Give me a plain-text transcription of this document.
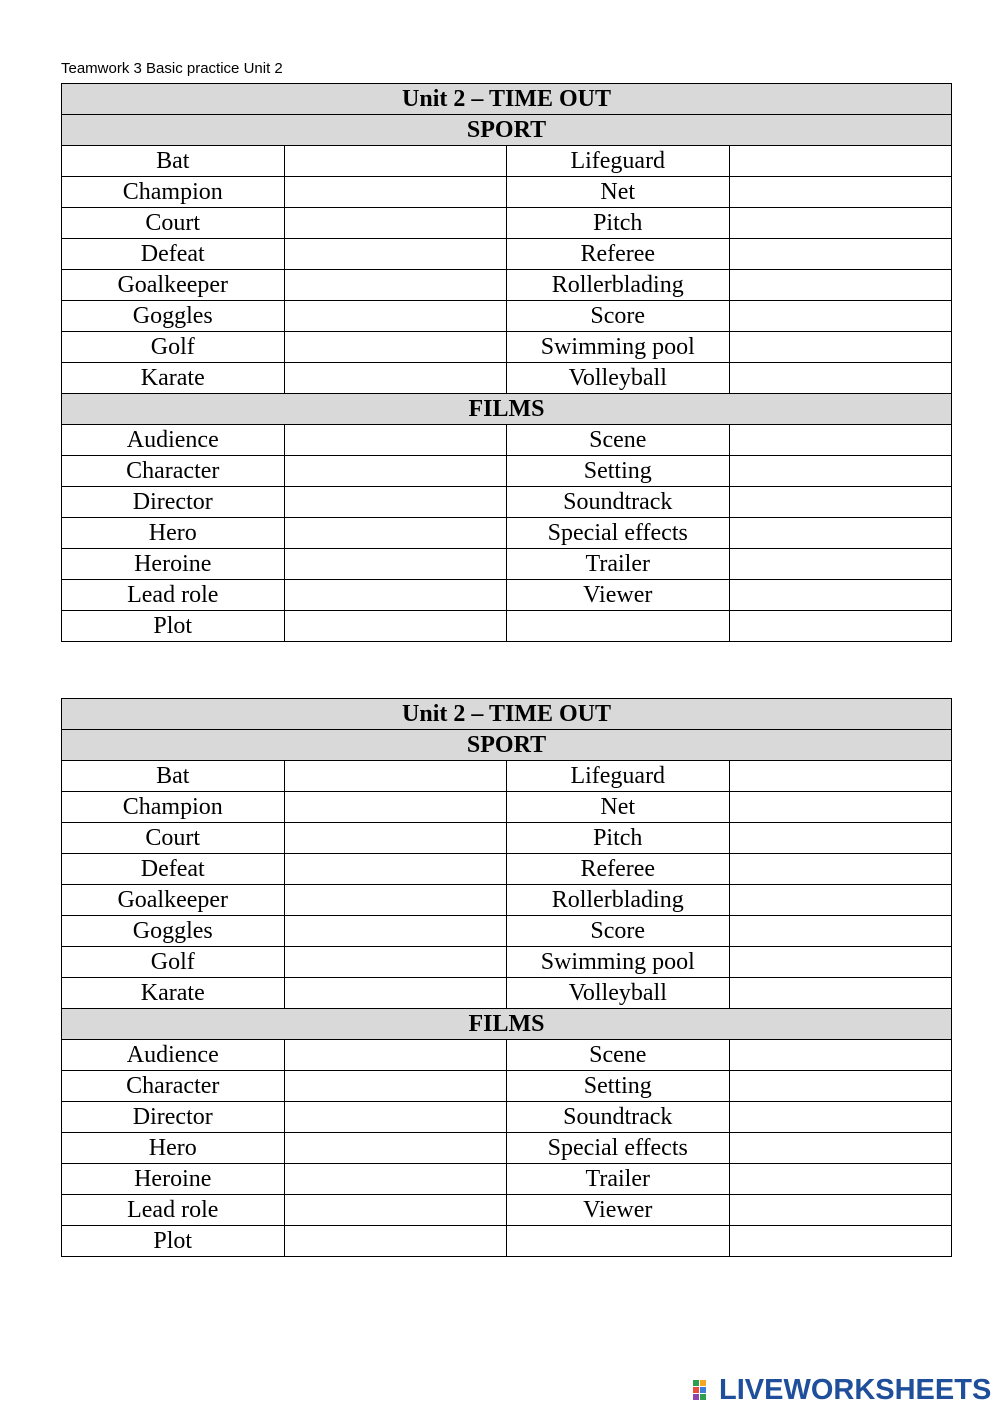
Teamwork 3 Basic practice Unit 2
Unit 2 – TIME OUT			
SPORT			
Bat		Lifeguard	
Champion		Net	
Court		Pitch	
Defeat		Referee	
Goalkeeper		Rollerblading	
Goggles		Score	
Golf		Swimming pool	
Karate		Volleyball	
FILMS			
Audience		Scene	
Character		Setting	
Director		Soundtrack	
Hero		Special effects	
Heroine		Trailer	
Lead role		Viewer	
Plot			
Unit 2 – TIME OUT			
SPORT			
Bat		Lifeguard	
Champion		Net	
Court		Pitch	
Defeat		Referee	
Goalkeeper		Rollerblading	
Goggles		Score	
Golf		Swimming pool	
Karate		Volleyball	
FILMS			
Audience		Scene	
Character		Setting	
Director		Soundtrack	
Hero		Special effects	
Heroine		Trailer	
Lead role		Viewer	
Plot			
LIVEWORKSHEETS
